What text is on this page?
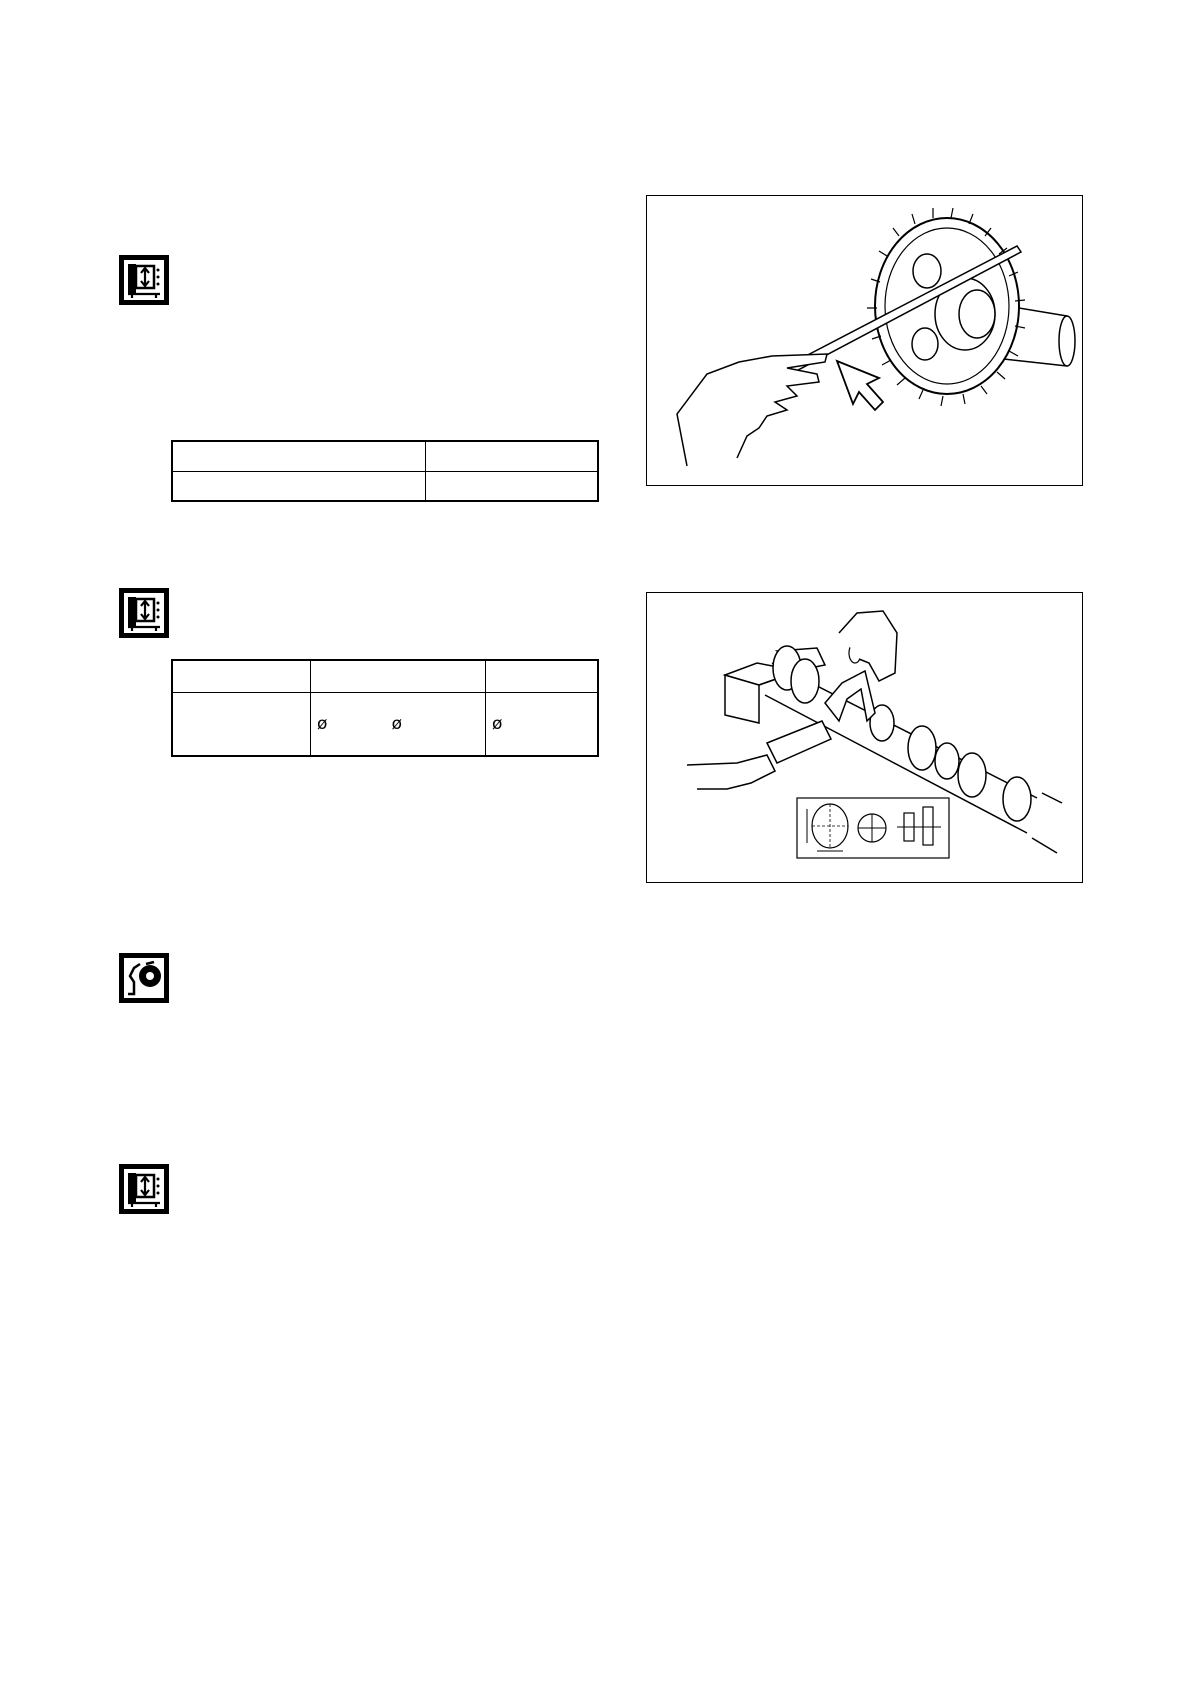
	ø ø	ø
